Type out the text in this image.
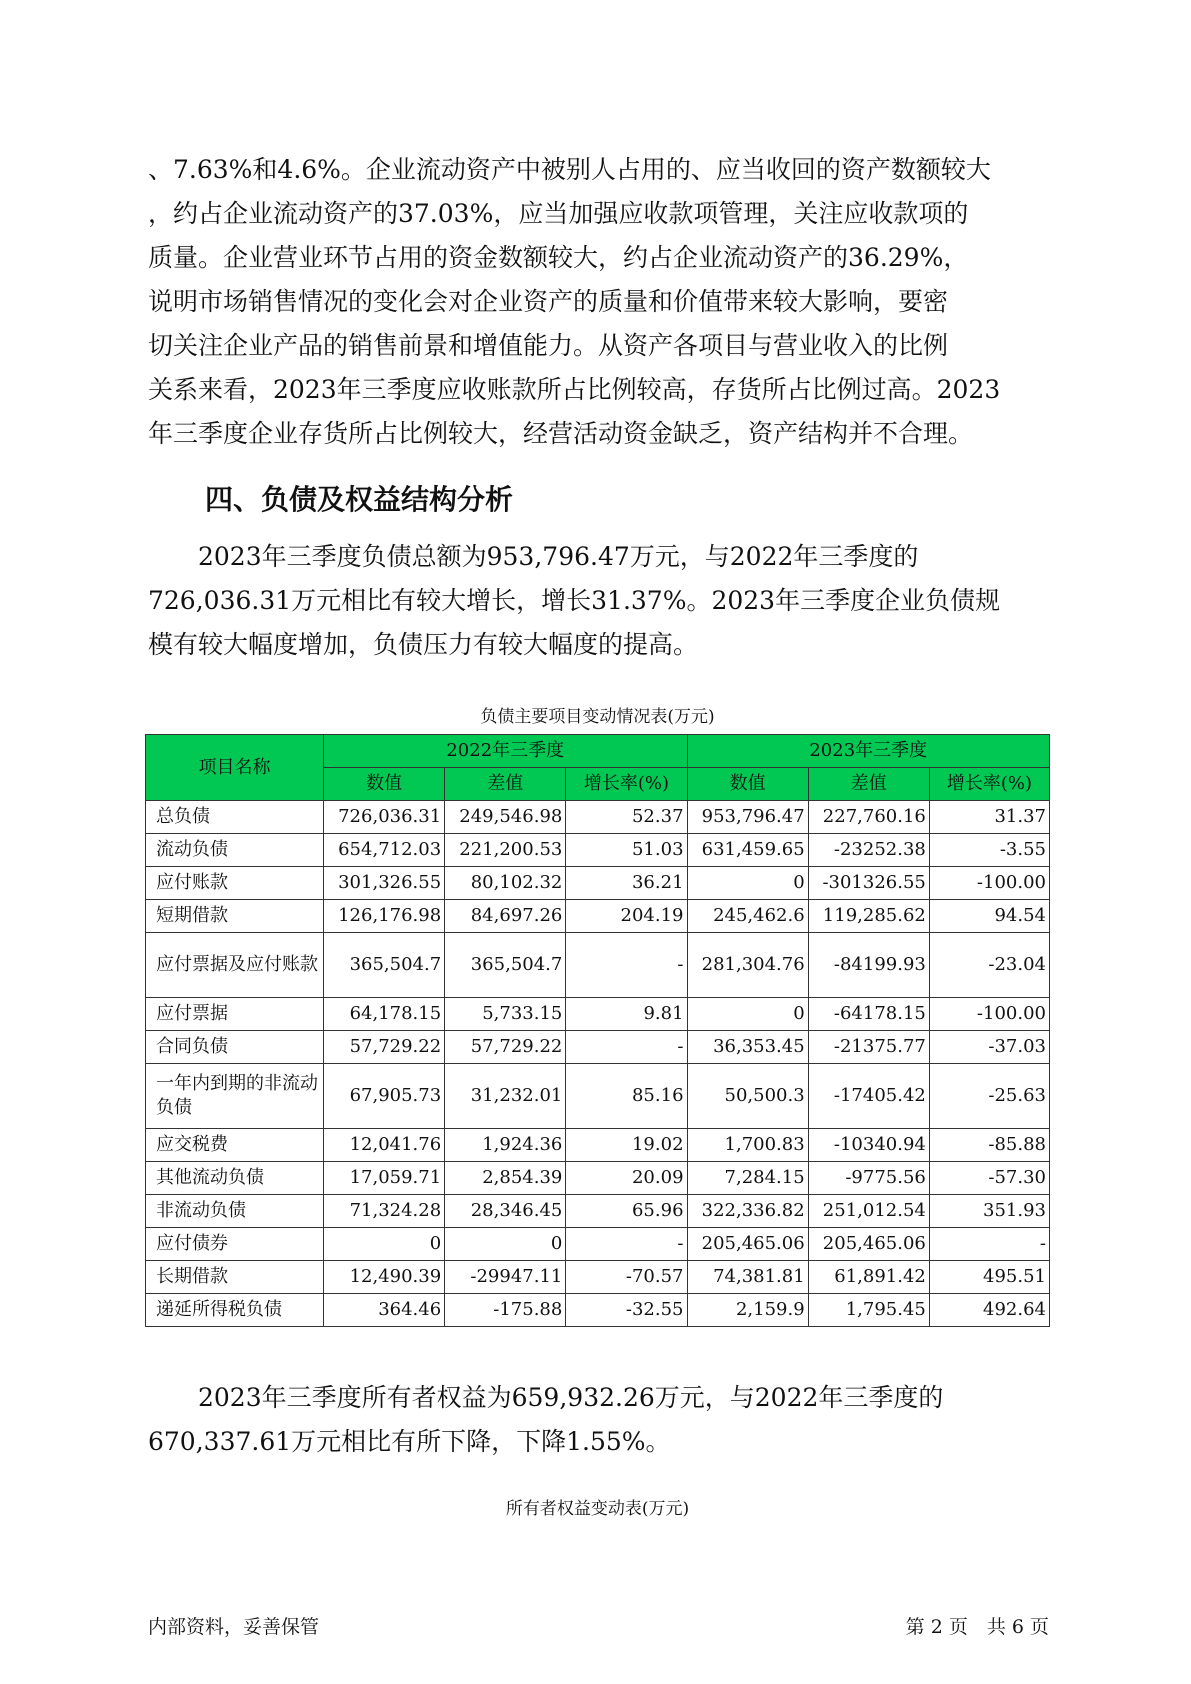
、7.63%和4.6%。企业流动资产中被别人占用的、应当收回的资产数额较大
，约占企业流动资产的37.03%，应当加强应收款项管理，关注应收款项的
质量。企业营业环节占用的资金数额较大，约占企业流动资产的36.29%，
说明市场销售情况的变化会对企业资产的质量和价值带来较大影响，要密
切关注企业产品的销售前景和增值能力。从资产各项目与营业收入的比例
关系来看，2023年三季度应收账款所占比例较高，存货所占比例过高。2023
年三季度企业存货所占比例较大，经营活动资金缺乏，资产结构并不合理。

四、负债及权益结构分析

　　2023年三季度负债总额为953,796.47万元，与2022年三季度的
726,036.31万元相比有较大增长，增长31.37%。2023年三季度企业负债规
模有较大幅度增加，负债压力有较大幅度的提高。

负债主要项目变动情况表(万元)
项目名称	2022年三季度			2023年三季度		
	数值	差值	增长率(%)	数值	差值	增长率(%)
总负债	726,036.31	249,546.98	52.37	953,796.47	227,760.16	31.37
流动负债	654,712.03	221,200.53	51.03	631,459.65	-23252.38	-3.55
应付账款	301,326.55	80,102.32	36.21	0	-301326.55	-100.00
短期借款	126,176.98	84,697.26	204.19	245,462.6	119,285.62	94.54
应付票据及应付账款	365,504.7	365,504.7	-	281,304.76	-84199.93	-23.04
应付票据	64,178.15	5,733.15	9.81	0	-64178.15	-100.00
合同负债	57,729.22	57,729.22	-	36,353.45	-21375.77	-37.03
一年内到期的非流动负债	67,905.73	31,232.01	85.16	50,500.3	-17405.42	-25.63
应交税费	12,041.76	1,924.36	19.02	1,700.83	-10340.94	-85.88
其他流动负债	17,059.71	2,854.39	20.09	7,284.15	-9775.56	-57.30
非流动负债	71,324.28	28,346.45	65.96	322,336.82	251,012.54	351.93
应付债券	0	0	-	205,465.06	205,465.06	-
长期借款	12,490.39	-29947.11	-70.57	74,381.81	61,891.42	495.51
递延所得税负债	364.46	-175.88	-32.55	2,159.9	1,795.45	492.64

　　2023年三季度所有者权益为659,932.26万元，与2022年三季度的
670,337.61万元相比有所下降，下降1.55%。

所有者权益变动表(万元)
内部资料，妥善保管	第 2 页　共 6 页
